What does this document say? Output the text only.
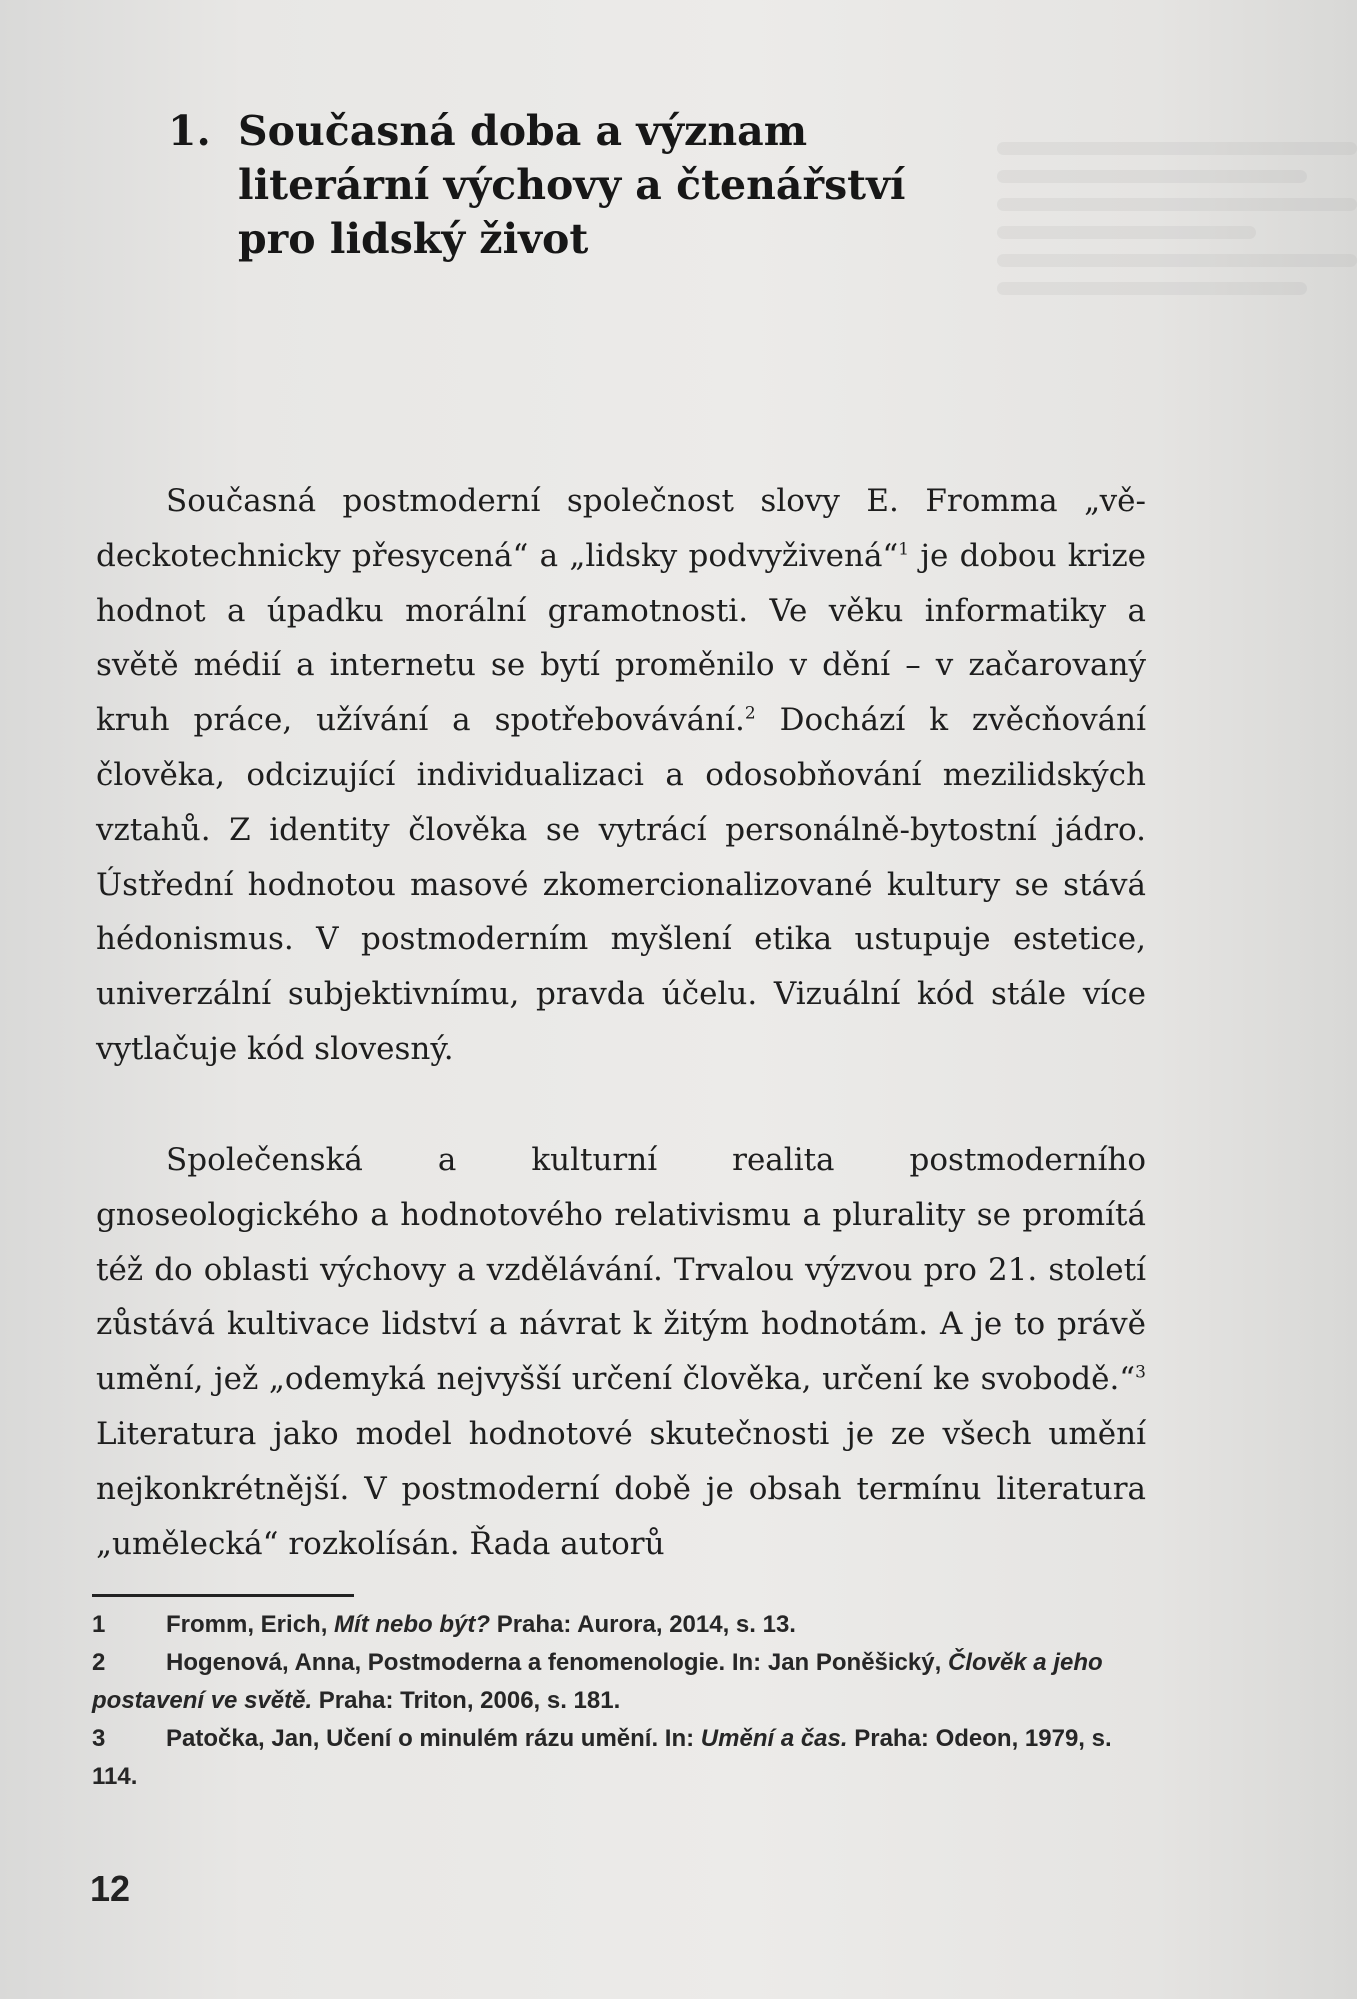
1. Současná doba a význam
literární výchovy a čtenářství
pro lidský život

Současná postmoderní společnost slovy E. Fromma „vě-deckotechnicky přesycená“ a „lidsky podvyživená“$^1$ je dobou krize hodnot a úpadku morální gramotnosti. Ve věku informatiky a světě médií a internetu se bytí proměnilo v dění – v začarovaný kruh práce, užívání a spotřebovávání.$^2$ Dochází k zvěcňování člověka, odcizující individualizaci a odosobňování mezilidských vztahů. Z identity člověka se vytrácí personálně-bytostní jádro. Ústřední hodnotou masové zkomercionalizované kultury se stává hédonismus. V postmoderním myšlení etika ustupuje estetice, univerzální subjektivnímu, pravda účelu. Vizuální kód stále více vytlačuje kód slovesný.

Společenská a kulturní realita postmoderního gnoseologického a hodnotového relativismu a plurality se promítá též do oblasti výchovy a vzdělávání. Trvalou výzvou pro 21. století zůstává kultivace lidství a návrat k žitým hodnotám. A je to právě umění, jež „odemyká nejvyšší určení člověka, určení ke svobodě.“$^3$ Literatura jako model hodnotové skutečnosti je ze všech umění nejkonkrétnější. V postmoderní době je obsah termínu literatura „umělecká“ rozkolísán. Řada autorů

1	Fromm, Erich, Mít nebo být? Praha: Aurora, 2014, s. 13.
2	Hogenová, Anna, Postmoderna a fenomenologie. In: Jan Poněšický, Člověk a jeho postavení ve světě. Praha: Triton, 2006, s. 181.
3	Patočka, Jan, Učení o minulém rázu umění. In: Umění a čas. Praha: Odeon, 1979, s. 114.
12
